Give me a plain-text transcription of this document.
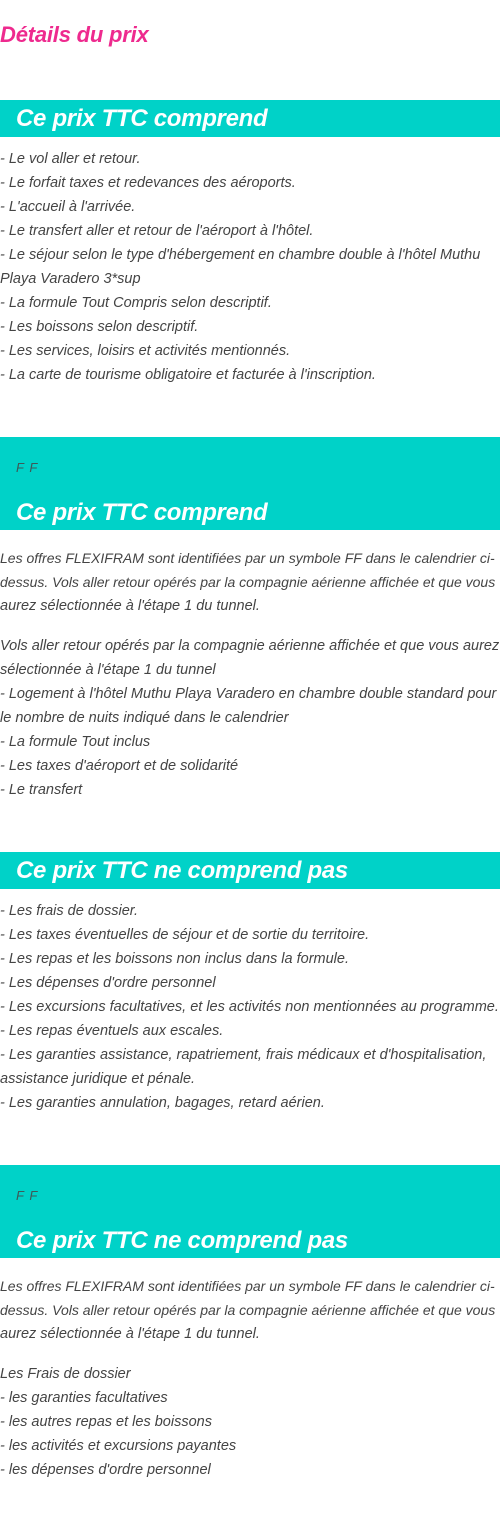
Détails du prix
Ce prix TTC comprend
- Le vol aller et retour.
- Le forfait taxes et redevances des aéroports.
- L'accueil à l'arrivée.
- Le transfert aller et retour de l'aéroport à l'hôtel.
- Le séjour selon le type d'hébergement en chambre double à l'hôtel Muthu
Playa Varadero 3*sup
- La formule Tout Compris selon descriptif.
- Les boissons selon descriptif.
- Les services, loisirs et activités mentionnés.
- La carte de tourisme obligatoire et facturée à l'inscription.
F F
Ce prix TTC comprend
Les offres FLEXIFRAM sont identifiées par un symbole FF dans le calendrier ci-
dessus. Vols aller retour opérés par la compagnie aérienne affichée et que vous
aurez sélectionnée à l'étape 1 du tunnel.
Vols aller retour opérés par la compagnie aérienne affichée et que vous aurez
sélectionnée à l'étape 1 du tunnel
- Logement à l'hôtel Muthu Playa Varadero en chambre double standard pour
le nombre de nuits indiqué dans le calendrier
- La formule Tout inclus
- Les taxes d'aéroport et de solidarité
- Le transfert
Ce prix TTC ne comprend pas
- Les frais de dossier.
- Les taxes éventuelles de séjour et de sortie du territoire.
- Les repas et les boissons non inclus dans la formule.
- Les dépenses d'ordre personnel
- Les excursions facultatives, et les activités non mentionnées au programme.
- Les repas éventuels aux escales.
- Les garanties assistance, rapatriement, frais médicaux et d'hospitalisation,
assistance juridique et pénale.
- Les garanties annulation, bagages, retard aérien.
F F
Ce prix TTC ne comprend pas
Les offres FLEXIFRAM sont identifiées par un symbole FF dans le calendrier ci-
dessus. Vols aller retour opérés par la compagnie aérienne affichée et que vous
aurez sélectionnée à l'étape 1 du tunnel.
Les Frais de dossier
- les garanties facultatives
- les autres repas et les boissons
- les activités et excursions payantes
- les dépenses d'ordre personnel
